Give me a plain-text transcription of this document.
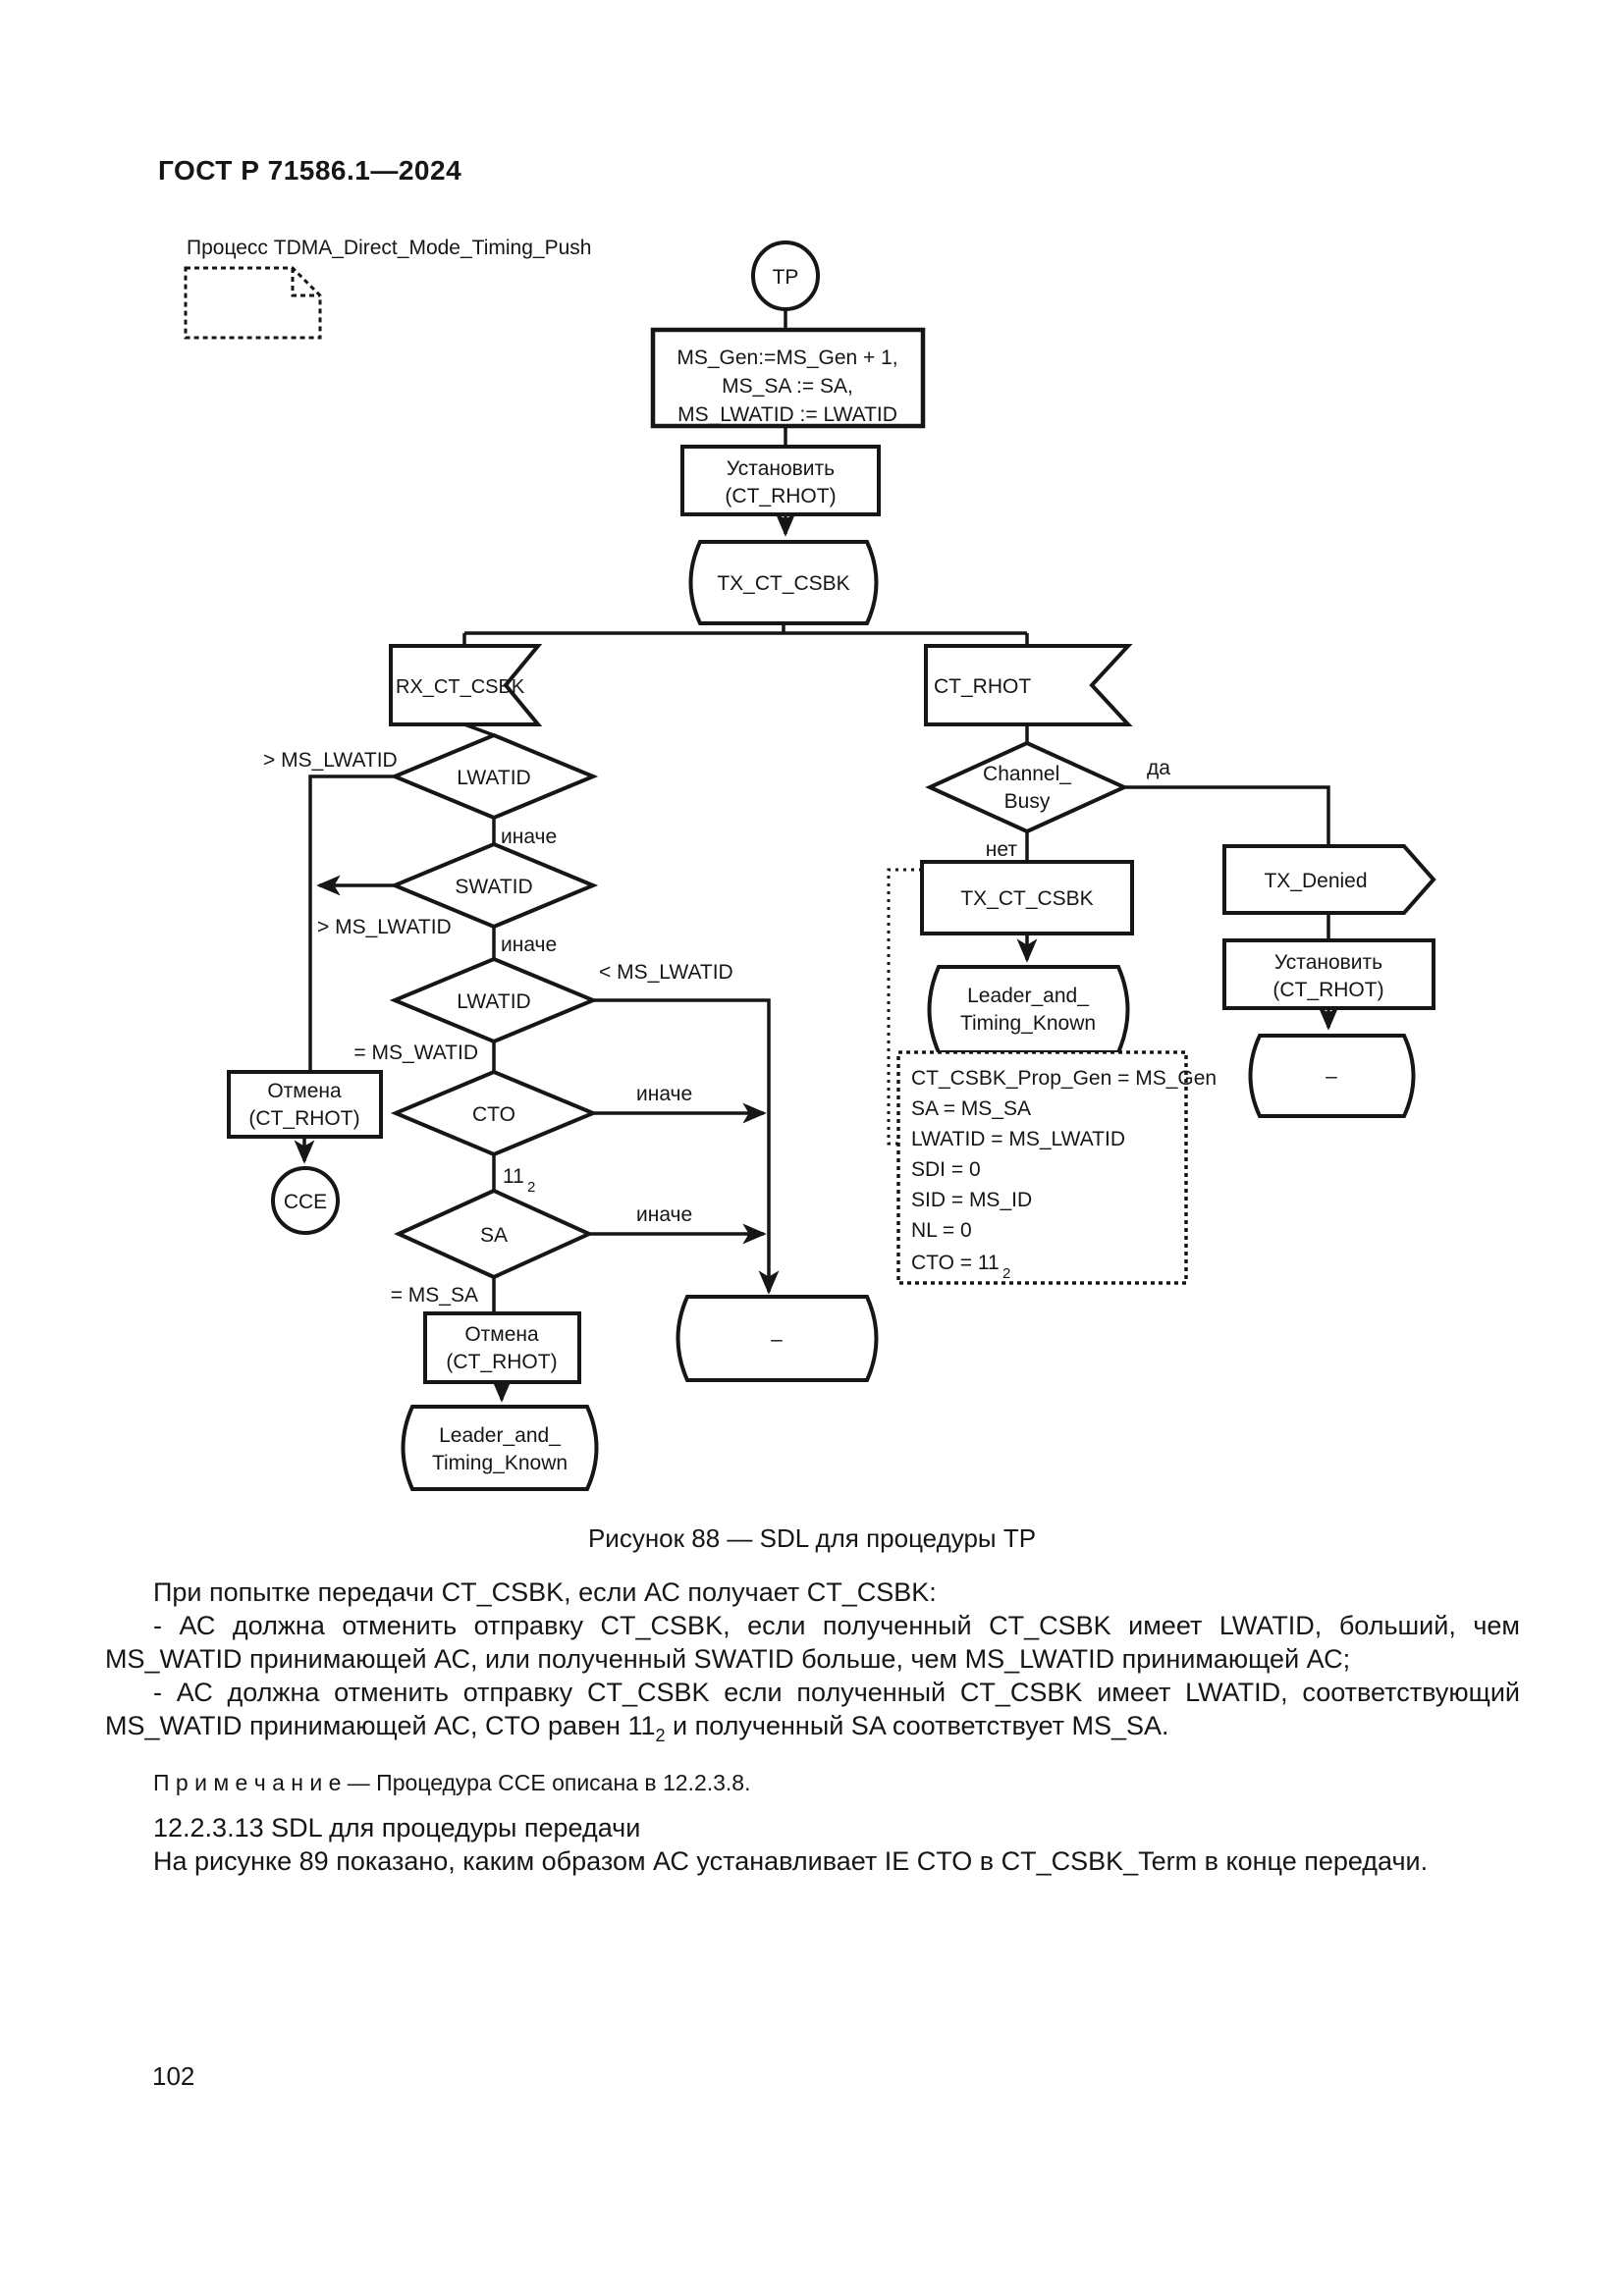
ГОСТ Р 71586.1—2024
Процесс TDMA_Direct_Mode_Timing_Push
TP
MS_Gen:=MS_Gen + 1,
MS_SA := SA,
MS_LWATID := LWATID
Установить
(CT_RHOT)
TX_CT_CSBK
RX_CT_CSBK	CT_RHOT
LWATID
> MS_LWATID
иначе
SWATID
> MS_LWATID
иначе
LWATID
< MS_LWATID
= MS_WATID
CTO
иначе
11 2
SA
иначе
= MS_SA
Отмена
(CT_RHOT)
CCE
Отмена
(CT_RHOT)
Leader_and_
Timing_Known
–
Channel_
Busy
да
нет
TX_CT_CSBK
Leader_and_
Timing_Known
TX_Denied
Установить
(CT_RHOT)
–
CT_CSBK_Prop_Gen = MS_Gen
SA = MS_SA
LWATID = MS_LWATID
SDI = 0
SID = MS_ID
NL = 0
CTO = 11 2
Рисунок 88 — SDL для процедуры TP

При попытке передачи CT_CSBK, если АС получает CT_CSBK:

- АС должна отменить отправку CT_CSBK, если полученный CT_CSBK имеет LWATID, больший, чем MS_WATID принимающей АС, или полученный SWATID больше, чем MS_LWATID принимающей АС;

- АС должна отменить отправку CT_CSBK если полученный CT_CSBK имеет LWATID, соответствующий MS_WATID принимающей АС, CTO равен $11_2$ и полученный SA соответствует MS_SA.

П р и м е ч а н и е — Процедура CCE описана в 12.2.3.8.

12.2.3.13 SDL для процедуры передачи

На рисунке 89 показано, каким образом АС устанавливает IE CTO в CT_CSBK_Term в конце передачи.

102
